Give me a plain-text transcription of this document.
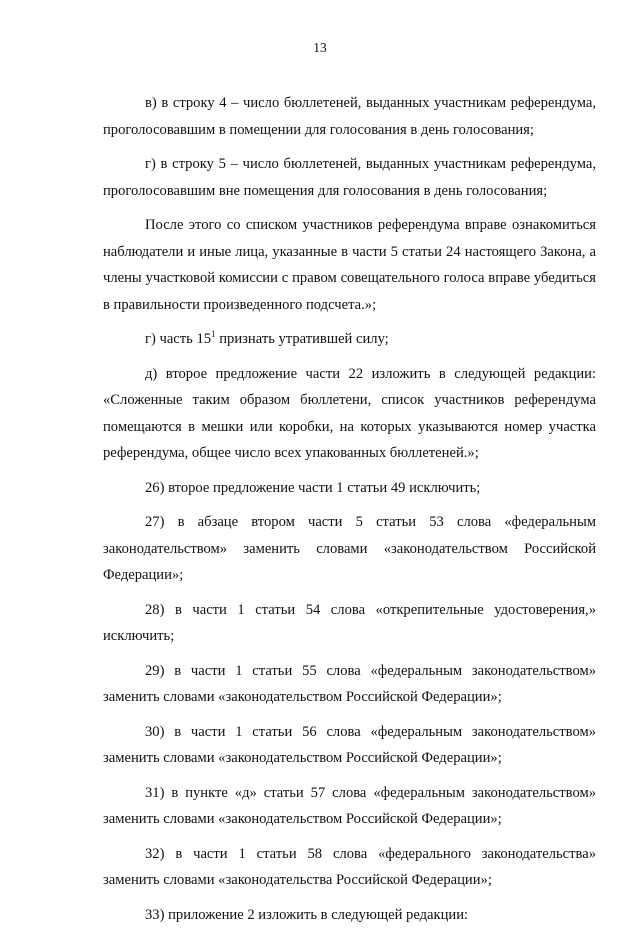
13

в) в строку 4 – число бюллетеней, выданных участникам референдума, проголосовавшим в помещении для голосования в день голосования;

г) в строку 5 – число бюллетеней, выданных участникам референдума, проголосовавшим вне помещения для голосования в день голосования;

После этого со списком участников референдума вправе ознакомиться наблюдатели и иные лица, указанные в части 5 статьи 24 настоящего Закона, а члены участковой комиссии с правом совещательного голоса вправе убедиться в правильности произведенного подсчета.»;

г) часть $15^1$ признать утратившей силу;

д) второе предложение части 22 изложить в следующей редакции: «Сложенные таким образом бюллетени, список участников референдума помещаются в мешки или коробки, на которых указываются номер участка референдума, общее число всех упакованных бюллетеней.»;

26) второе предложение части 1 статьи 49 исключить;

27) в абзаце втором части 5 статьи 53 слова «федеральным законодательством» заменить словами «законодательством Российской Федерации»;

28) в части 1 статьи 54 слова «открепительные удостоверения,» исключить;

29) в части 1 статьи 55 слова «федеральным законодательством» заменить словами «законодательством Российской Федерации»;

30) в части 1 статьи 56 слова «федеральным законодательством» заменить словами «законодательством Российской Федерации»;

31) в пункте «д» статьи 57 слова «федеральным законодательством» заменить словами «законодательством Российской Федерации»;

32) в части 1 статьи 58 слова «федерального законодательства» заменить словами «законодательства Российской Федерации»;

33) приложение 2 изложить в следующей редакции:
